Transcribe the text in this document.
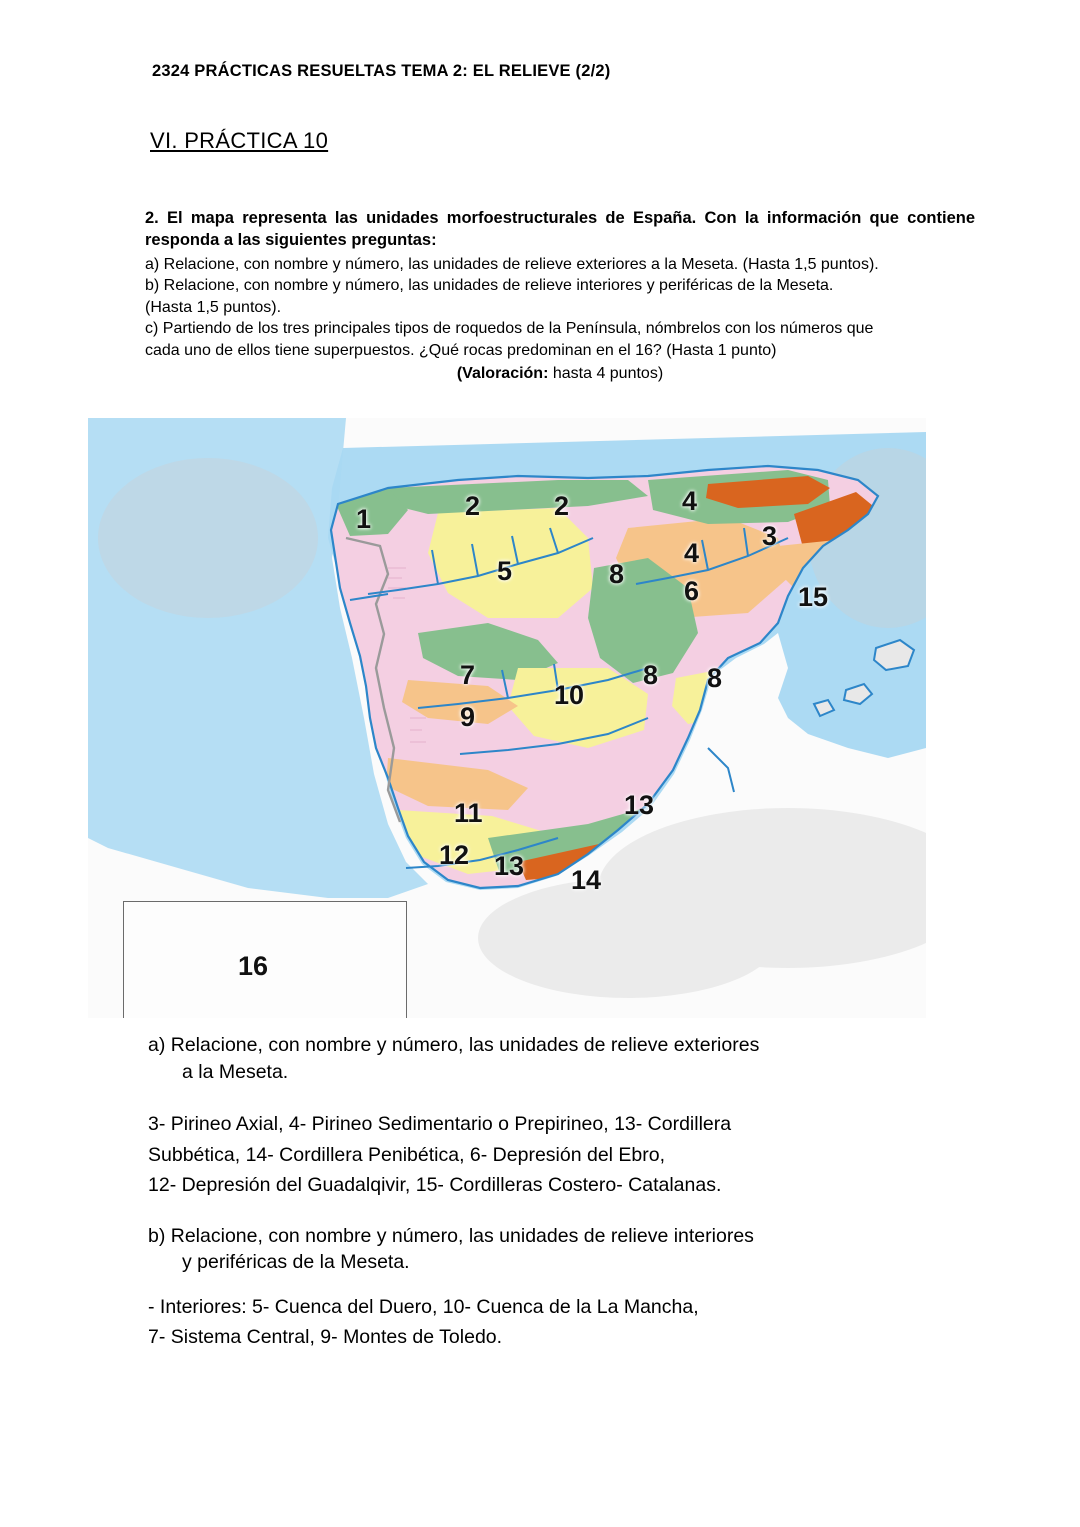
2324 PRÁCTICAS RESUELTAS TEMA 2: EL RELIEVE (2/2)
VI. PRÁCTICA 10

2. El mapa representa las unidades morfoestructurales de España. Con la información que contiene responda a las siguientes preguntas:

a) Relacione, con nombre y número, las unidades de relieve exteriores a la Meseta. (Hasta 1,5 puntos).

b) Relacione, con nombre y número, las unidades de relieve interiores y periféricas de la Meseta.

(Hasta 1,5 puntos).

c) Partiendo de los tres principales tipos de roquedos de la Península, nómbrelos con los números que

cada uno de ellos tiene superpuestos. ¿Qué rocas predominan en el 16? (Hasta 1 punto)

(Valoración: hasta 4 puntos)

1	2	2	4
3
4
5	8
6	15
7
10
8 8
9
13
11
12 13 14
16

a) Relacione, con nombre y número, las unidades de relieve exteriores
a la Meseta.

3- Pirineo Axial, 4- Pirineo Sedimentario o Prepirineo, 13- Cordillera

Subbética, 14- Cordillera Penibética, 6- Depresión del Ebro,

12- Depresión del Guadalqivir, 15- Cordilleras Costero- Catalanas.

b) Relacione, con nombre y número, las unidades de relieve interiores
y periféricas de la Meseta.

- Interiores: 5- Cuenca del Duero, 10- Cuenca de la La Mancha,

7- Sistema Central, 9- Montes de Toledo.
